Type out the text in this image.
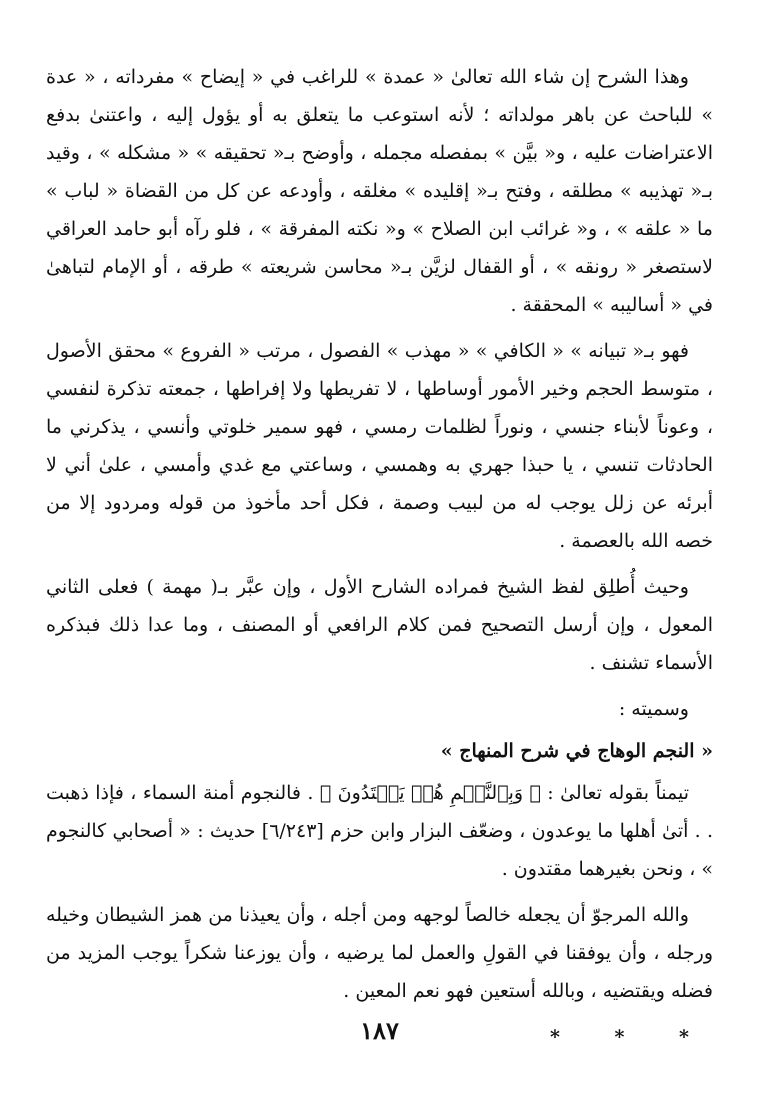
وهذا الشرح إن شاء الله تعالىٰ « عمدة » للراغب في « إيضاح » مفرداته ، « عدة » للباحث عن باهر مولداته ؛ لأنه استوعب ما يتعلق به أو يؤول إليه ، واعتنىٰ بدفع الاعتراضات عليه ، و« بيَّن » بمفصله مجمله ، وأوضح بـ« تحقيقه » « مشكله » ، وقيد بـ« تهذيبه » مطلقه ، وفتح بـ« إقليده » مغلقه ، وأودعه عن كل من القضاة « لباب » ما « علقه » ، و« غرائب ابن الصلاح » و« نكته المفرقة » ، فلو رآه أبو حامد العراقي لاستصغر « رونقه » ، أو القفال لزيَّن بـ« محاسن شريعته » طرقه ، أو الإمام لتباهىٰ في « أساليبه » المحققة .

فهو بـ« تبيانه » « الكافي » « مهذب » الفصول ، مرتب « الفروع » محقق الأصول ، متوسط الحجم وخير الأمور أوساطها ، لا تفريطها ولا إفراطها ، جمعته تذكرة لنفسي ، وعوناً لأبناء جنسي ، ونوراً لظلمات رمسي ، فهو سمير خلوتي وأنسي ، يذكرني ما الحادثات تنسي ، يا حبذا جهري به وهمسي ، وساعتي مع غدي وأمسي ، علىٰ أني لا أبرئه عن زلل يوجب له من لبيب وصمة ، فكل أحد مأخوذ من قوله ومردود إلا من خصه الله بالعصمة .

وحيث أُطلِق لفظ الشيخ فمراده الشارح الأول ، وإن عبَّر بـ( مهمة ) فعلى الثاني المعول ، وإن أرسل التصحيح فمن كلام الرافعي أو المصنف ، وما عدا ذلك فبذكره الأسماء تشنف .

وسميته :

« النجم الوهاج في شرح المنهاج »

تيمناً بقوله تعالىٰ : ﴿ وَبِٱلنَّجۡمِ هُمۡ يَهۡتَدُونَ ﴾ . فالنجوم أمنة السماء ، فإذا ذهبت . . أتىٰ أهلها ما يوعدون ، وضعّف البزار وابن حزم [٦/٢٤٣] حديث : « أصحابي كالنجوم » ، ونحن بغيرهما مقتدون .

والله المرجوّ أن يجعله خالصاً لوجهه ومن أجله ، وأن يعيذنا من همز الشيطان وخيله ورجله ، وأن يوفقنا في القولِ والعمل لما يرضيه ، وأن يوزعنا شكراً يوجب المزيد من فضله ويقتضيه ، وبالله أستعين فهو نعم المعين .

* * *
١٨٧
